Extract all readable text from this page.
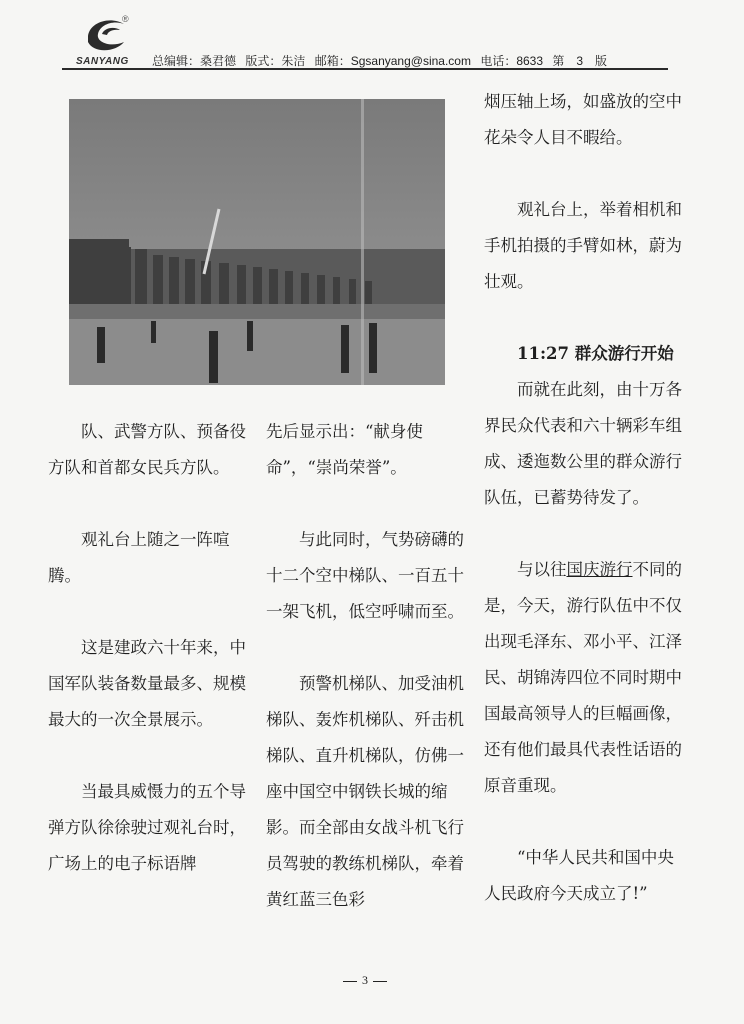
SANYANG
®
总编辑：桑君德 版式：朱洁 邮箱：Sgsanyang@sina.com 电话：8633 第　3　版

队、武警方队、预备役方队和首都女民兵方队。

观礼台上随之一阵喧腾。

这是建政六十年来，中国军队装备数量最多、规模最大的一次全景展示。

当最具威慑力的五个导弹方队徐徐驶过观礼台时，广场上的电子标语牌

先后显示出：“献身使命”，“崇尚荣誉”。

与此同时，气势磅礴的十二个空中梯队、一百五十一架飞机，低空呼啸而至。

预警机梯队、加受油机梯队、轰炸机梯队、歼击机梯队、直升机梯队，仿佛一座中国空中钢铁长城的缩影。而全部由女战斗机飞行员驾驶的教练机梯队，牵着黄红蓝三色彩

烟压轴上场，如盛放的空中花朵令人目不暇给。

观礼台上，举着相机和手机拍摄的手臂如林，蔚为壮观。

11:27 群众游行开始

而就在此刻，由十万各界民众代表和六十辆彩车组成、逶迤数公里的群众游行队伍，已蓄势待发了。

与以往国庆游行不同的是，今天，游行队伍中不仅出现毛泽东、邓小平、江泽民、胡锦涛四位不同时期中国最高领导人的巨幅画像，还有他们最具代表性话语的原音重现。

“中华人民共和国中央人民政府今天成立了!”

3
